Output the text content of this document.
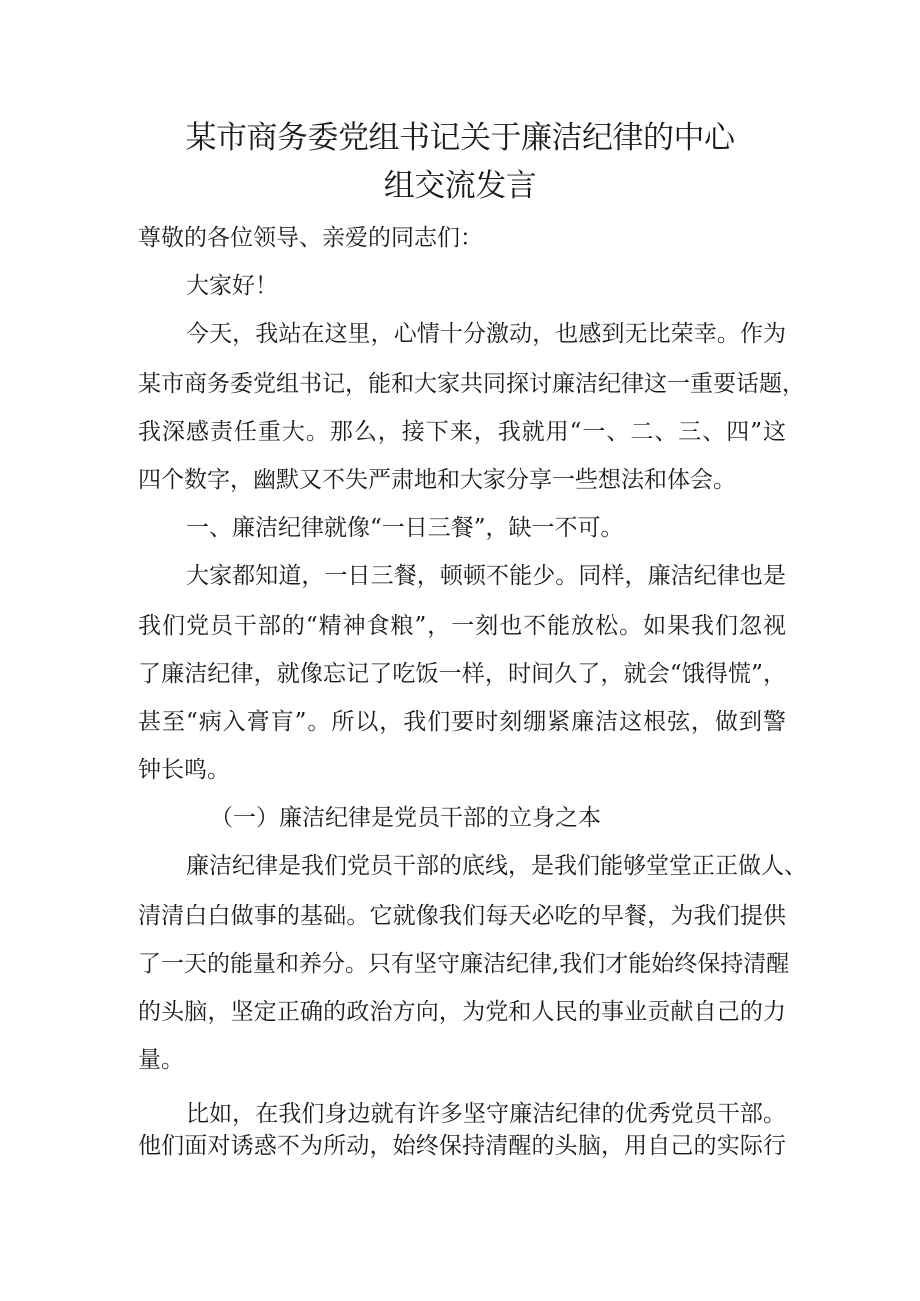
某市商务委党组书记关于廉洁纪律的中心
组交流发言

尊敬的各位领导、亲爱的同志们：

大家好！

今天，我站在这里，心情十分激动，也感到无比荣幸。作为

某市商务委党组书记，能和大家共同探讨廉洁纪律这一重要话题，

我深感责任重大。那么，接下来，我就用“一、二、三、四”这

四个数字，幽默又不失严肃地和大家分享一些想法和体会。

一、廉洁纪律就像“一日三餐”，缺一不可。

大家都知道，一日三餐，顿顿不能少。同样，廉洁纪律也是

我们党员干部的“精神食粮”，一刻也不能放松。如果我们忽视

了廉洁纪律，就像忘记了吃饭一样，时间久了，就会“饿得慌”，

甚至“病入膏肓”。所以，我们要时刻绷紧廉洁这根弦，做到警

钟长鸣。

（一）廉洁纪律是党员干部的立身之本

廉洁纪律是我们党员干部的底线，是我们能够堂堂正正做人、

清清白白做事的基础。它就像我们每天必吃的早餐，为我们提供

了一天的能量和养分。只有坚守廉洁纪律,我们才能始终保持清醒

的头脑，坚定正确的政治方向，为党和人民的事业贡献自己的力

量。

比如，在我们身边就有许多坚守廉洁纪律的优秀党员干部。

他们面对诱惑不为所动，始终保持清醒的头脑，用自己的实际行
